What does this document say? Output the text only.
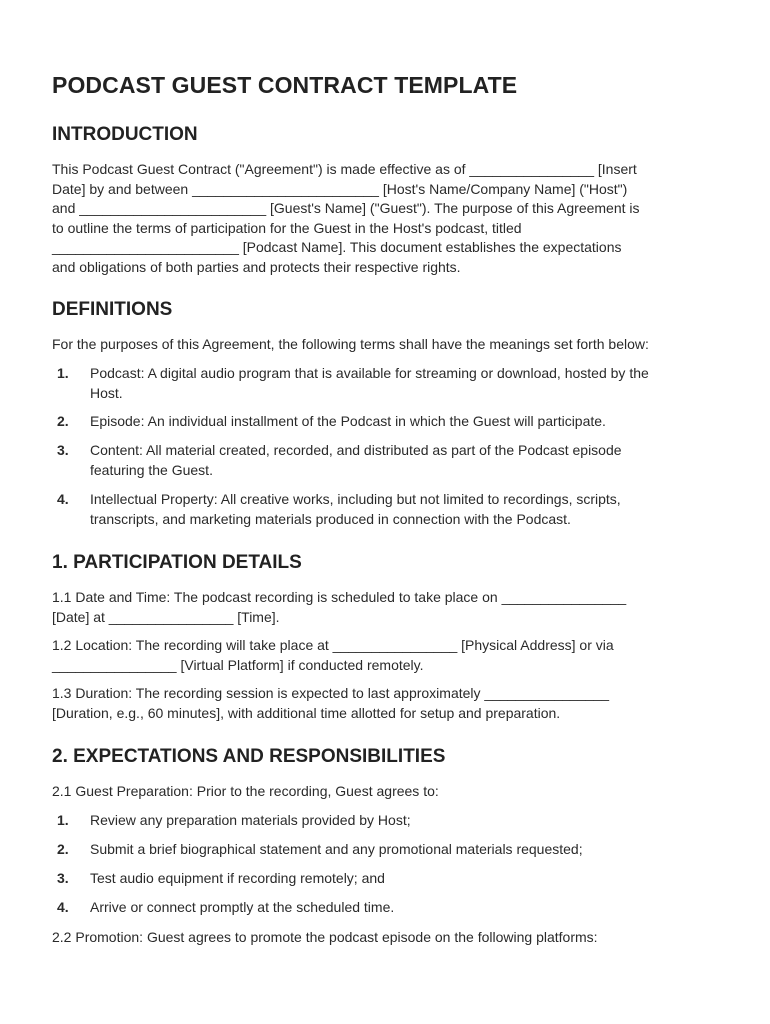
PODCAST GUEST CONTRACT TEMPLATE
INTRODUCTION
This Podcast Guest Contract ("Agreement") is made effective as of ________________ [Insert
Date] by and between ________________________ [Host's Name/Company Name] ("Host")
and ________________________ [Guest's Name] ("Guest"). The purpose of this Agreement is
to outline the terms of participation for the Guest in the Host's podcast, titled
________________________ [Podcast Name]. This document establishes the expectations
and obligations of both parties and protects their respective rights.
DEFINITIONS
For the purposes of this Agreement, the following terms shall have the meanings set forth below:
1. Podcast: A digital audio program that is available for streaming or download, hosted by the
Host.
2. Episode: An individual installment of the Podcast in which the Guest will participate.
3. Content: All material created, recorded, and distributed as part of the Podcast episode
featuring the Guest.
4. Intellectual Property: All creative works, including but not limited to recordings, scripts,
transcripts, and marketing materials produced in connection with the Podcast.
1. PARTICIPATION DETAILS
1.1 Date and Time: The podcast recording is scheduled to take place on ________________
[Date] at ________________ [Time].
1.2 Location: The recording will take place at ________________ [Physical Address] or via
________________ [Virtual Platform] if conducted remotely.
1.3 Duration: The recording session is expected to last approximately ________________
[Duration, e.g., 60 minutes], with additional time allotted for setup and preparation.
2. EXPECTATIONS AND RESPONSIBILITIES
2.1 Guest Preparation: Prior to the recording, Guest agrees to:
1. Review any preparation materials provided by Host;
2. Submit a brief biographical statement and any promotional materials requested;
3. Test audio equipment if recording remotely; and
4. Arrive or connect promptly at the scheduled time.
2.2 Promotion: Guest agrees to promote the podcast episode on the following platforms:
